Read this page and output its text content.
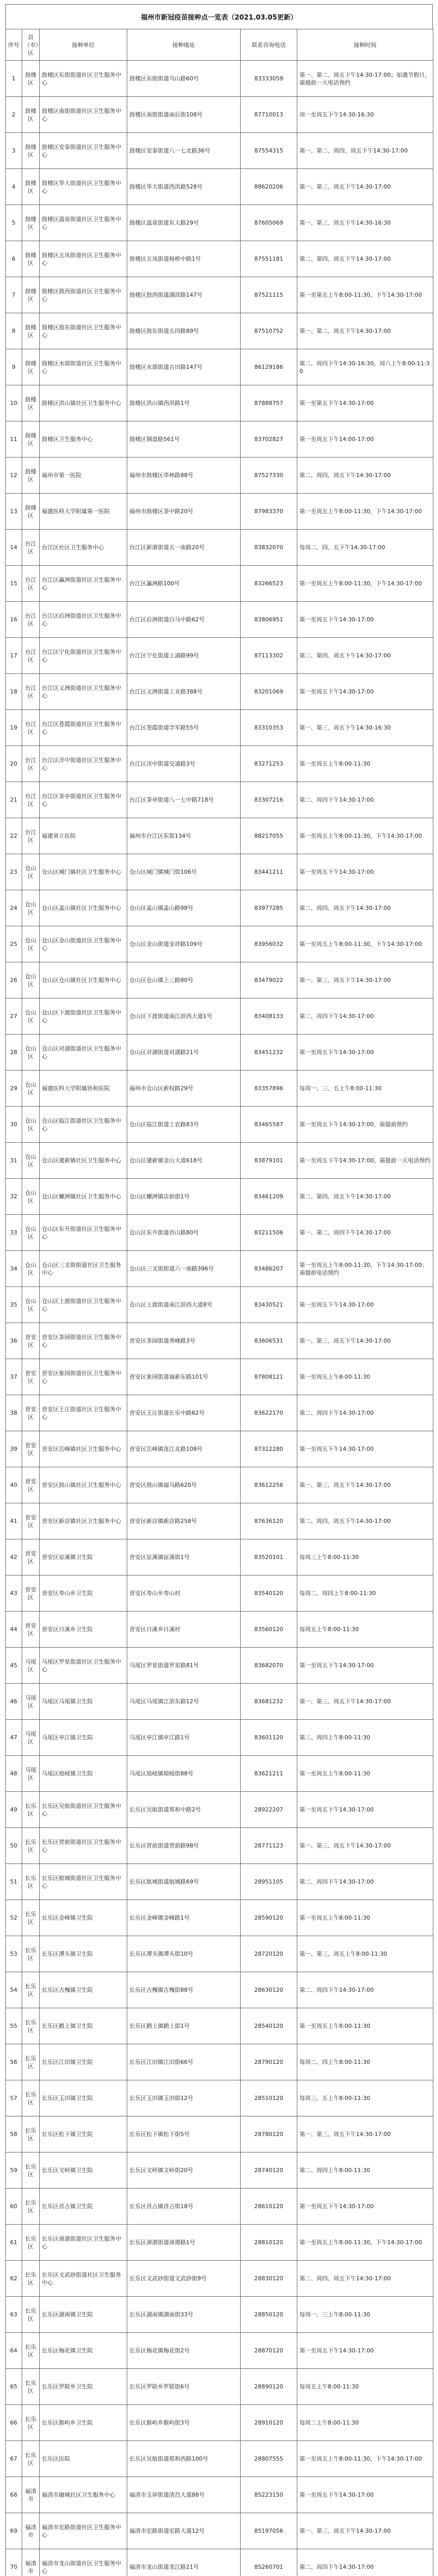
福州市新冠疫苗接种点一览表（2021.03.05更新）
序号	县（市）区	接种单位	接种地址	联系咨询电话	接种时间
1	鼓楼区	鼓楼区东街街道社区卫生服务中心	鼓楼区东街街道乌山路60号	83333059	第一、第二、周五下午14:30-17:00；如遇节假日，需提前一天电话预约
2	鼓楼区	鼓楼区南街街道社区卫生服务中心	鼓楼区南街街道南后街108号	87710013	周一至周五下午14:30-16:30
3	鼓楼区	鼓楼区安泰街道社区卫生服务中心	鼓楼区安泰街道八一七北路36号	87554315	第一、第二、周四、周五下午14:30-17:00
4	鼓楼区	鼓楼区华大街道社区卫生服务中心	鼓楼区华大街道西洪路528号	88620206	第一、第三、周五下午14:30-17:00
5	鼓楼区	鼓楼区温泉街道社区卫生服务中心	鼓楼区温泉街道东大路29号	87605069	第一、第三、周五下午14:30-16:30
6	鼓楼区	鼓楼区五凤街道社区卫生服务中心	鼓楼区五凤街道杨桥中路1号	87551181	第二、第四、周五下午14:30-17:00
7	鼓楼区	鼓楼区鼓西街道社区卫生服务中心	鼓楼区鼓西街道湖滨路147号	87521115	第一至第五上午8:00-11:30，下午14:30-17:00
8	鼓楼区	鼓楼区鼓东街道社区卫生服务中心	鼓楼区鼓东街道五四路89号	87510752	第一、第二、周五下午14:30-17:00
9	鼓楼区	鼓楼区水部街道社区卫生服务中心	鼓楼区水部街道古田路147号	86129186	第二、周四下午14:30-16:30，周六上午8:00-11:30
10	鼓楼区	鼓楼区洪山镇社区卫生服务中心	鼓楼区洪山镇西洪路1号	87888757	第一至第五下午14:30-17:00
11	鼓楼区	鼓楼区卫生服务中心	鼓楼区铜盘路561号	83702827	第一至周五下午14:00-17:00
12	鼓楼区	福州市第一医院	福州市鼓楼区华林路88号	87527330	第二、周四、周五下午14:30-17:00
13	鼓楼区	福建医科大学附属第一医院	福州市鼓楼区茶中路20号	87983370	第一至周五上午8:00-11:30，下午14:30-17:00
14	台江区	台江区社区卫生服务中心	台江区新港街道五一南路20号	83832070	每周二、四、五下午14:30-17:00
15	台江区	台江区瀛洲街道社区卫生服务中心	台江区瀛洲路100号	83266523	第一至周五上午8:00-11:30，下午14:30-17:00
16	台江区	台江区后洲街道社区卫生服务中心	台江区后洲街道白马中路62号	83806951	第一至周五下午14:30-17:00
17	台江区	台江区宁化街道社区卫生服务中心	台江区宁化街道上浦路99号	87113302	第二、第四、周五下午14:30-17:00
18	台江区	台江区义洲街道社区卫生服务中心	台江区义洲街道工业路388号	83201069	第一至周五下午14:30-17:00
19	台江区	台江区苍霞街道社区卫生服务中心	台江区苍霞街道学军路55号	83310353	第一、第三、周五下午14:30-16:30
20	台江区	台江区洋中街道社区卫生服务中心	台江区洋中街道交通路3号	83271253	第一至周五上午8:00-11:30
21	台江区	台江区茶亭街道社区卫生服务中心	台江区茶亭街道八一七中路718号	83307216	第二、周四下午14:30-17:00
22	台江区	福建省立医院	福州市台江区东街134号	88217055	第一至周五上午8:00-11:30，下午14:30-17:00
23	仓山区	仓山区城门镇社区卫生服务中心	仓山区城门镇城门街106号	83441211	第一至周五下午14:30-17:00
24	仓山区	仓山区盖山镇社区卫生服务中心	仓山区盖山镇盖山路98号	83977285	第二、周四、周五下午14:30-17:00
25	仓山区	仓山区金山街道社区卫生服务中心	仓山区金山街道金祥路109号	83956032	第一至周五上午8:00-11:30，下午14:30-17:00
26	仓山区	仓山区仓山镇社区卫生服务中心	仓山区仓山镇上三路80号	83479022	第一、第三、周五下午14:30-17:00
27	仓山区	仓山区下渡街道社区卫生服务中心	仓山区下渡街道南江滨西大道1号	83408133	第二、周四下午14:30-17:00
28	仓山区	仓山区对湖街道社区卫生服务中心	仓山区对湖街道对湖路21号	83451232	第一至周五下午14:30-17:00
29	仓山区	福建医科大学附属协和医院	福州市仓山区新权路29号	83357896	每周一、三、五上午8:00-11:30
30	仓山区	仓山区临江街道社区卫生服务中心	仓山区临江街道工农路83号	83465587	第一至周五下午14:30-17:00，需提前预约
31	仓山区	仓山区建新镇社区卫生服务中心	仓山区建新镇金山大道618号	83879101	第一至周五下午14:30-17:00，需提前一天电话预约
32	仓山区	仓山区螺洲镇社区卫生服务中心	仓山区螺洲镇店前街1号	83461209	第二、第四、周五下午14:30-17:00
33	仓山区	仓山区东升街道社区卫生服务中心	仓山区东升街道首山路80号	83211506	第一、第二、周四下午14:30-17:00
34	仓山区	仓山区三叉街街道社区卫生服务中心	仓山区三叉街街道六一南路396号	83486207	第一至周五上午8:00-11:30，下午14:30-17:00；需提前电话预约
35	仓山区	仓山区上渡街道社区卫生服务中心	仓山区上渡街道南江滨西大道8号	83430521	第一至周五下午14:30-17:00
36	晋安区	晋安区茶园街道社区卫生服务中心	晋安区茶园街道秀峰路3号	83606531	第一、第三、周五下午14:30-17:00
37	晋安区	晋安区象园街道社区卫生服务中心	晋安区象园街道福新东路101号	87808121	第一至周五上午8:00-11:30
38	晋安区	晋安区王庄街道社区卫生服务中心	晋安区王庄街道长乐中路62号	83622170	第二、周四下午14:30-17:00
39	晋安区	晋安区岳峰镇社区卫生服务中心	晋安区岳峰镇连江北路108号	87312280	第一至周五下午14:30-17:00
40	晋安区	晋安区鼓山镇社区卫生服务中心	晋安区鼓山镇福马路620号	83612256	第一、第三、周五下午14:30-17:00
41	晋安区	晋安区新店镇社区卫生服务中心	晋安区新店镇新店路258号	87636120	第二、周四、周五下午14:30-17:00
42	晋安区	晋安区宦溪镇卫生院	晋安区宦溪镇宦溪街1号	83520101	每周三上午8:00-11:30
43	晋安区	晋安区寿山乡卫生院	晋安区寿山乡寿山村	83540120	每周二、周四上午8:00-11:30
44	晋安区	晋安区日溪乡卫生院	晋安区日溪乡日溪村	83560120	每周五上午8:00-11:30
45	马尾区	马尾区罗星街道社区卫生服务中心	马尾区罗星街道罗星路81号	83682070	第一至周五下午14:30-17:00
46	马尾区	马尾区马尾镇卫生院	马尾区马尾镇江滨东路12号	83681232	第一、第三、周五下午14:30-17:00
47	马尾区	马尾区亭江镇卫生院	马尾区亭江镇亭江路1号	83601120	第二、周四上午8:00-11:30
48	马尾区	马尾区琅岐镇卫生院	马尾区琅岐镇琅岐街88号	83621211	第一至周五上午8:00-11:30
49	长乐区	长乐区吴航街道社区卫生服务中心	长乐区吴航街道郑和中路2号	28922207	第一至周五下午14:30-17:00
50	长乐区	长乐区营前街道社区卫生服务中心	长乐区营前街道营前路98号	28771123	第一、第三、周五下午14:30-17:00
51	长乐区	长乐区航城街道社区卫生服务中心	长乐区航城街道航城路69号	28951105	第二、周四下午14:30-17:00
52	长乐区	长乐区金峰镇卫生院	长乐区金峰镇金峰路1号	28590120	第一至周五上午8:00-11:30
53	长乐区	长乐区潭头镇卫生院	长乐区潭头镇潭头街10号	28720120	第一、第三、周五上午8:00-11:30
54	长乐区	长乐区古槐镇卫生院	长乐区古槐镇古槐街88号	28630120	第二、周四下午14:30-17:00
55	长乐区	长乐区鹤上镇卫生院	长乐区鹤上镇鹤上街1号	28540120	第一至周五上午8:00-11:30
56	长乐区	长乐区江田镇卫生院	长乐区江田镇江田街66号	28790120	每周二、四上午8:00-11:30
57	长乐区	长乐区玉田镇卫生院	长乐区玉田镇玉田街12号	28510120	每周三、五上午8:00-11:30
58	长乐区	长乐区松下镇卫生院	长乐区松下镇松下街5号	28780120	第一、第三、周五下午14:30-17:00
59	长乐区	长乐区文岭镇卫生院	长乐区文岭镇文岭街20号	28740120	第二、周四上午8:00-11:30
60	长乐区	长乐区首占镇卫生院	长乐区首占镇首占街18号	28610120	第一至周五下午14:30-17:00
61	长乐区	长乐区漳港街道社区卫生服务中心	长乐区漳港街道漳港路1号	28810120	第一至周五上午8:00-11:30，下午14:30-17:00
62	长乐区	长乐区文武砂街道社区卫生服务中心	长乐区文武砂街道文武砂街9号	28830120	第二、周四、周五下午14:30-17:00
63	长乐区	长乐区湖南镇卫生院	长乐区湖南镇湖南街33号	28850120	每周一、三上午8:00-11:30
64	长乐区	长乐区梅花镇卫生院	长乐区梅花镇梅花街2号	28870120	第一至周五下午14:30-17:00
65	长乐区	长乐区罗联乡卫生院	长乐区罗联乡罗联街6号	28890120	每周五上午8:00-11:30
66	长乐区	长乐区猴屿乡卫生院	长乐区猴屿乡猴屿街3号	28910120	每周二上午8:00-11:30
67	长乐区	长乐区医院	长乐区吴航街道郑和西路100号	28807555	第一至周五上午8:00-11:30，下午14:30-17:00
68	福清市	福清市融城社区卫生服务中心	福清市玉屏街道清昌大道88号	85223150	第一至周五下午14:30-17:00
69	福清市	福清市宏路街道社区卫生服务中心	福清市宏路街道宏路大道12号	85197056	第一、第三、周五下午14:30-17:00
70	福清市	福清市龙山街道社区卫生服务中心	福清市龙山街道龙江路21号	85260701	第二、周四下午14:30-17:00
